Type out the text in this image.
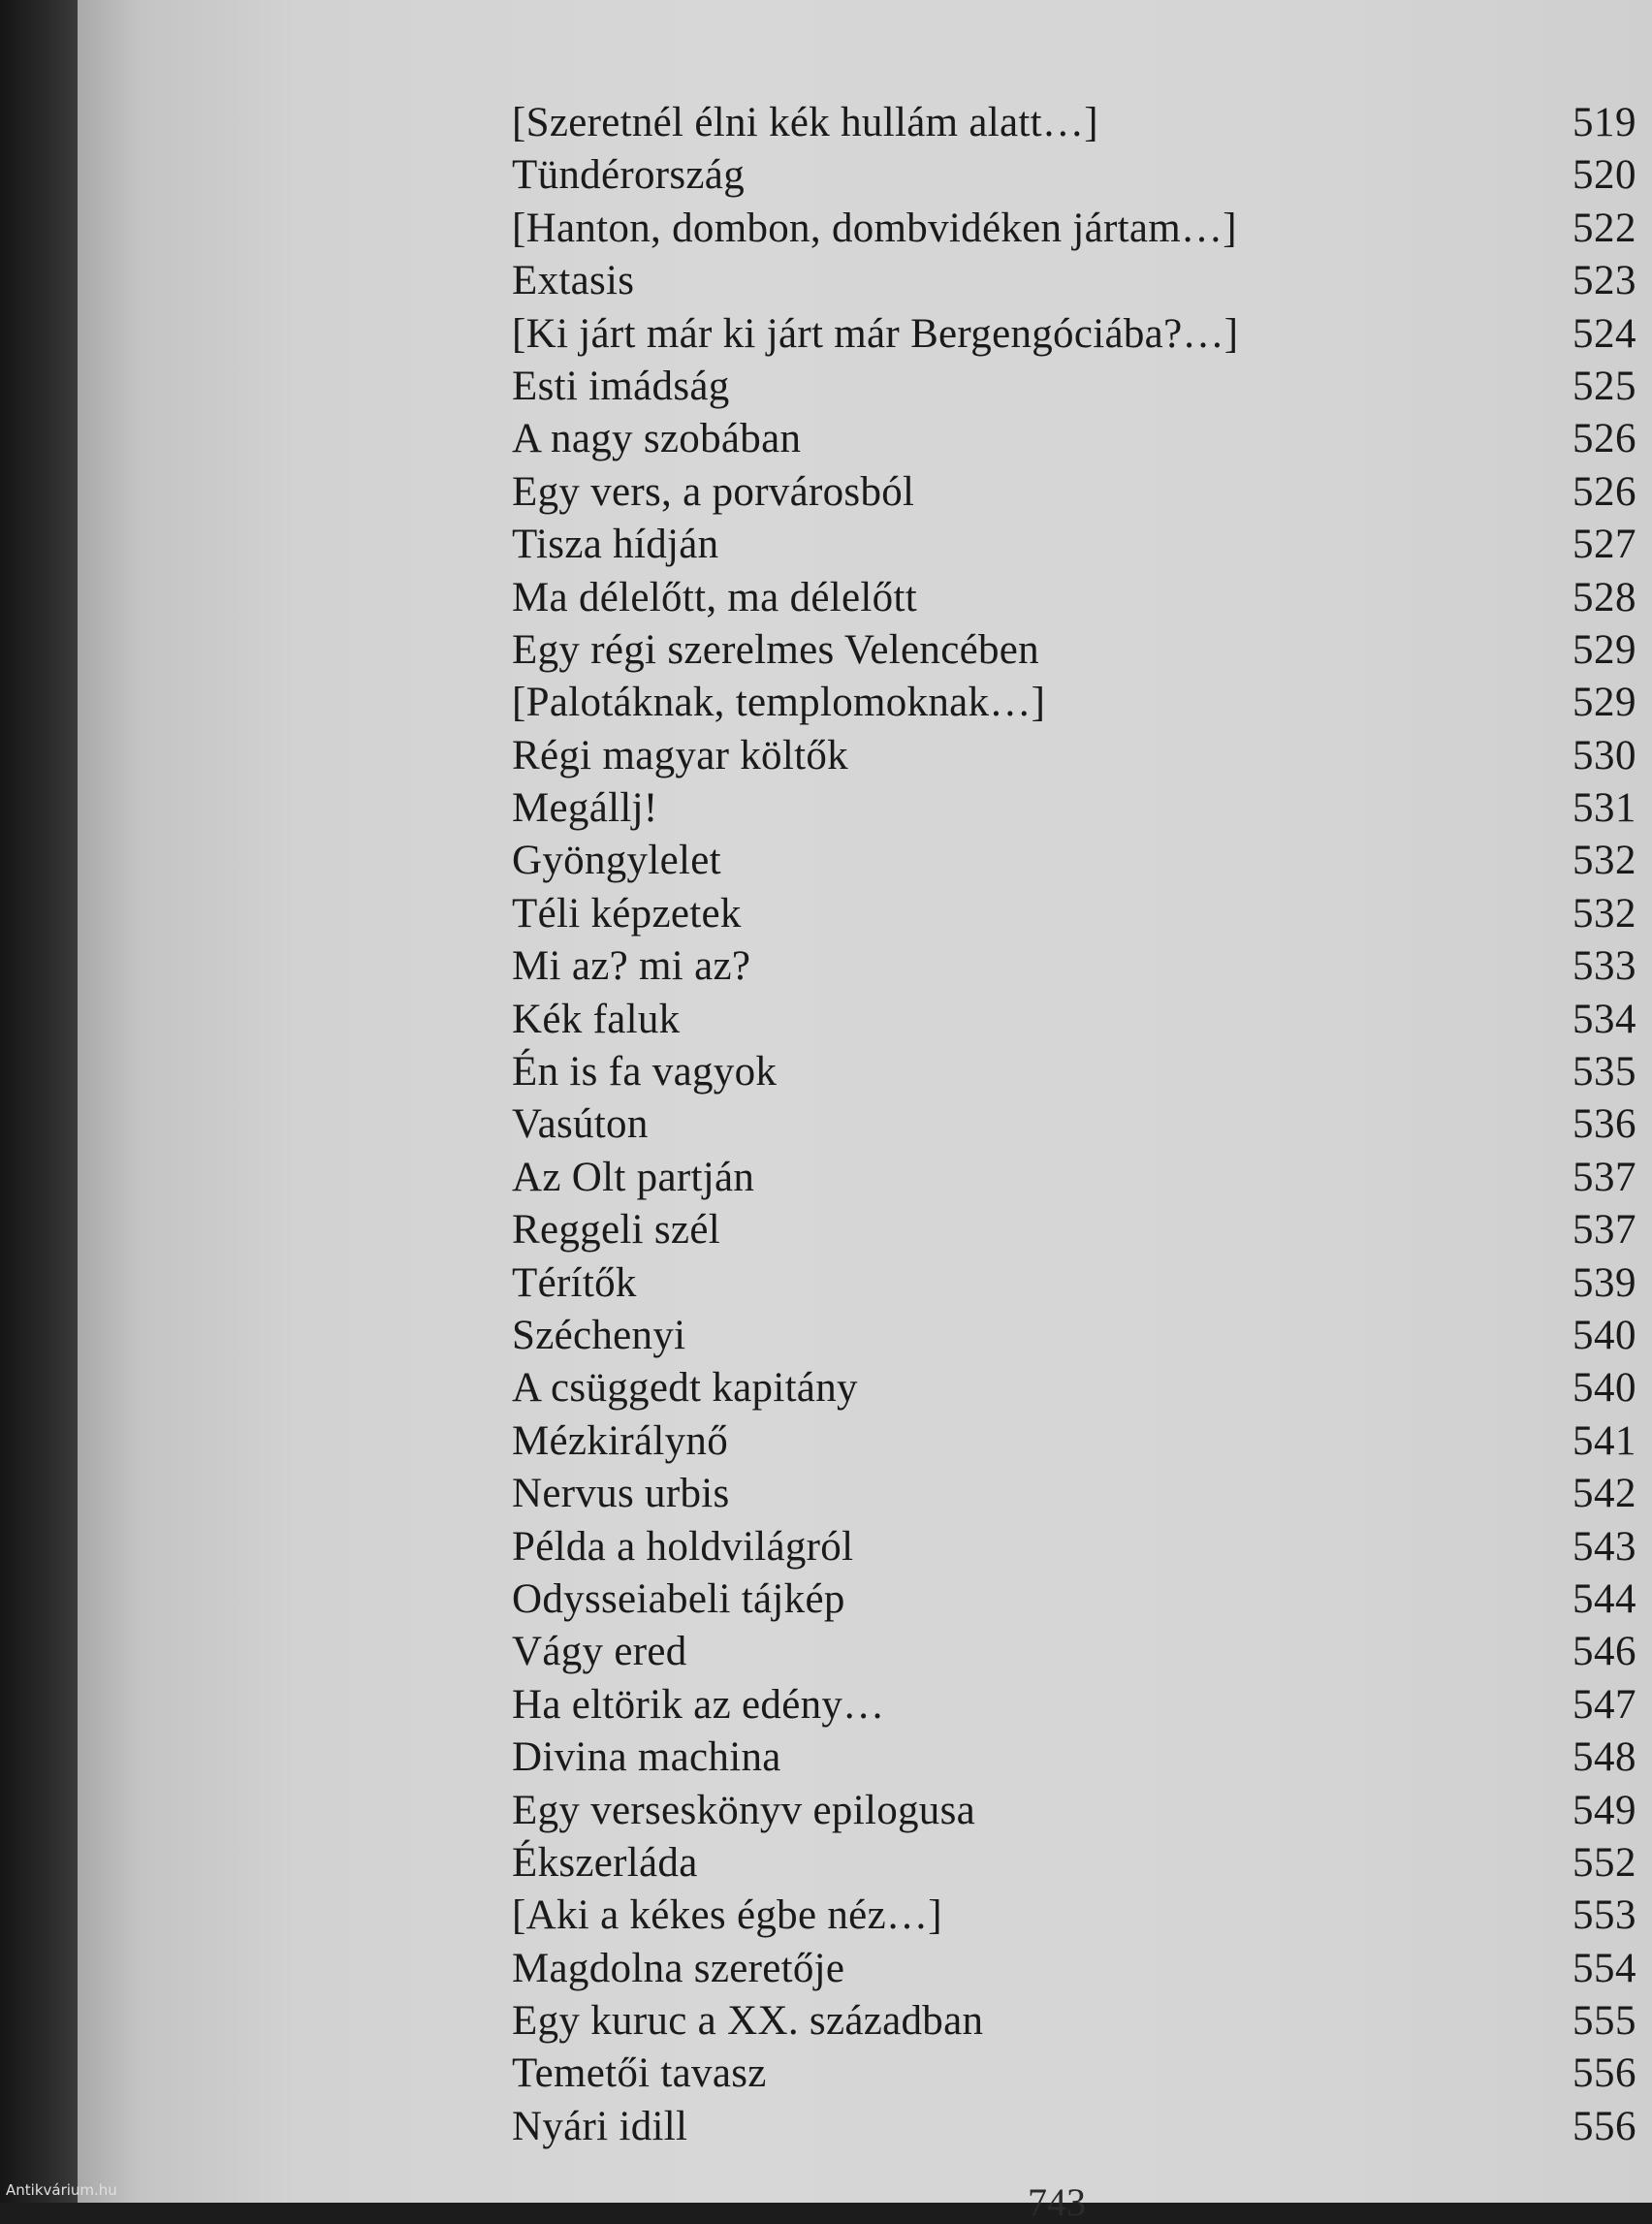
[Szeretnél élni kék hullám alatt…]	519
Tündérország	520
[Hanton, dombon, dombvidéken jártam…]	522
Extasis	523
[Ki járt már ki járt már Bergengóciába?…]	524
Esti imádság	525
A nagy szobában	526
Egy vers, a porvárosból	526
Tisza hídján	527
Ma délelőtt, ma délelőtt	528
Egy régi szerelmes Velencében	529
[Palotáknak, templomoknak…]	529
Régi magyar költők	530
Megállj!	531
Gyöngylelet	532
Téli képzetek	532
Mi az? mi az?	533
Kék faluk	534
Én is fa vagyok	535
Vasúton	536
Az Olt partján	537
Reggeli szél	537
Térítők	539
Széchenyi	540
A csüggedt kapitány	540
Mézkirálynő	541
Nervus urbis	542
Példa a holdvilágról	543
Odysseiabeli tájkép	544
Vágy ered	546
Ha eltörik az edény…	547
Divina machina	548
Egy verseskönyv epilogusa	549
Ékszerláda	552
[Aki a kékes égbe néz…]	553
Magdolna szeretője	554
Egy kuruc a XX. században	555
Temetői tavasz	556
Nyári idill	556
743
Antikvárium.hu
